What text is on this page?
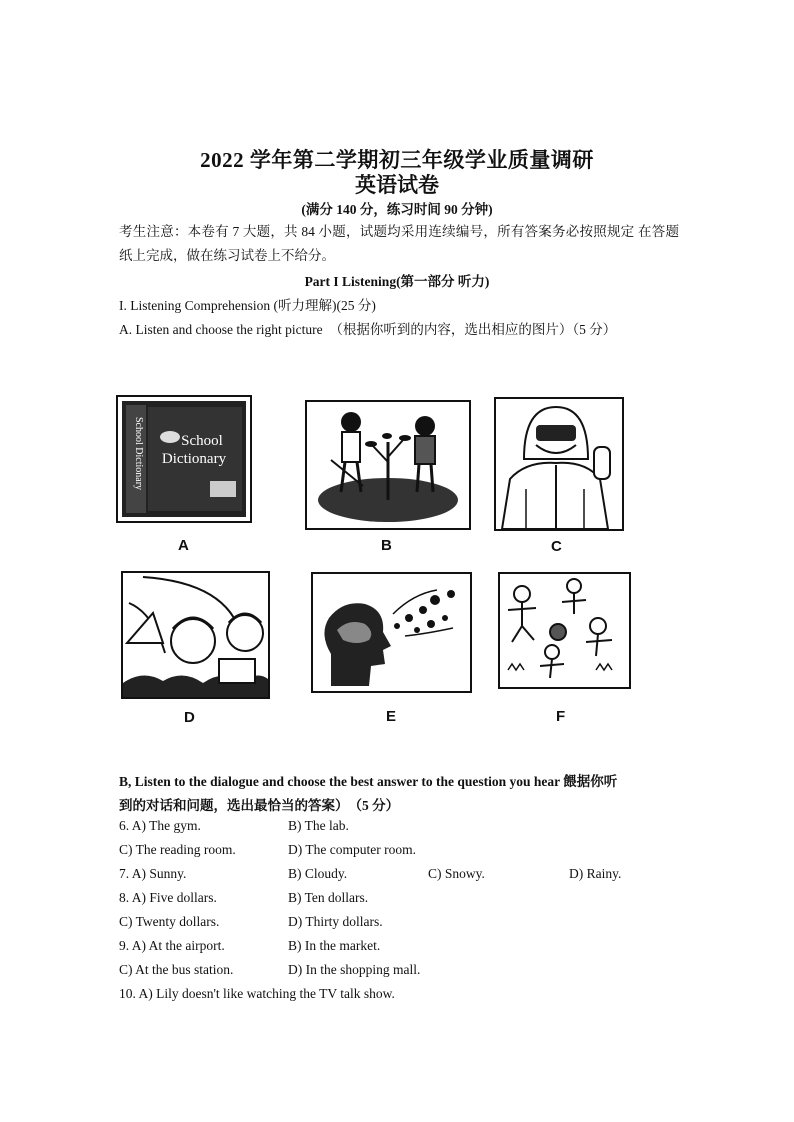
2022 学年第二学期初三年级学业质量调研
英语试卷
(满分 140 分，练习时间 90 分钟)
考生注意：本卷有 7 大题，共 84 小题，试题均采用连续编号，所有答案务必按照规定 在答题纸上完成，做在练习试卷上不给分。
Part I Listening(第一部分 听力)
I. Listening Comprehension (听力理解)(25 分)
A. Listen and choose the right picture　（根据你听到的内容，选出相应的图片）（5 分）
School Dictionary School
Dictionary
A	B	C
D	E	F
B, Listen to the dialogue and choose the best answer to the question you hear 餵据你听
到的对话和问题，选出最恰当的答案）　（5 分）
6. A) The gym.	B) The lab.
C) The reading room.	D) The computer room.
7. A) Sunny.	B) Cloudy.	C) Snowy.	D) Rainy.
8. A) Five dollars.	B) Ten dollars.
C) Twenty dollars.	D) Thirty dollars.
9. A) At the airport.	B) In the market.
C) At the bus station.	D) In the shopping mall.
10. A) Lily doesn't like watching the TV talk show.
